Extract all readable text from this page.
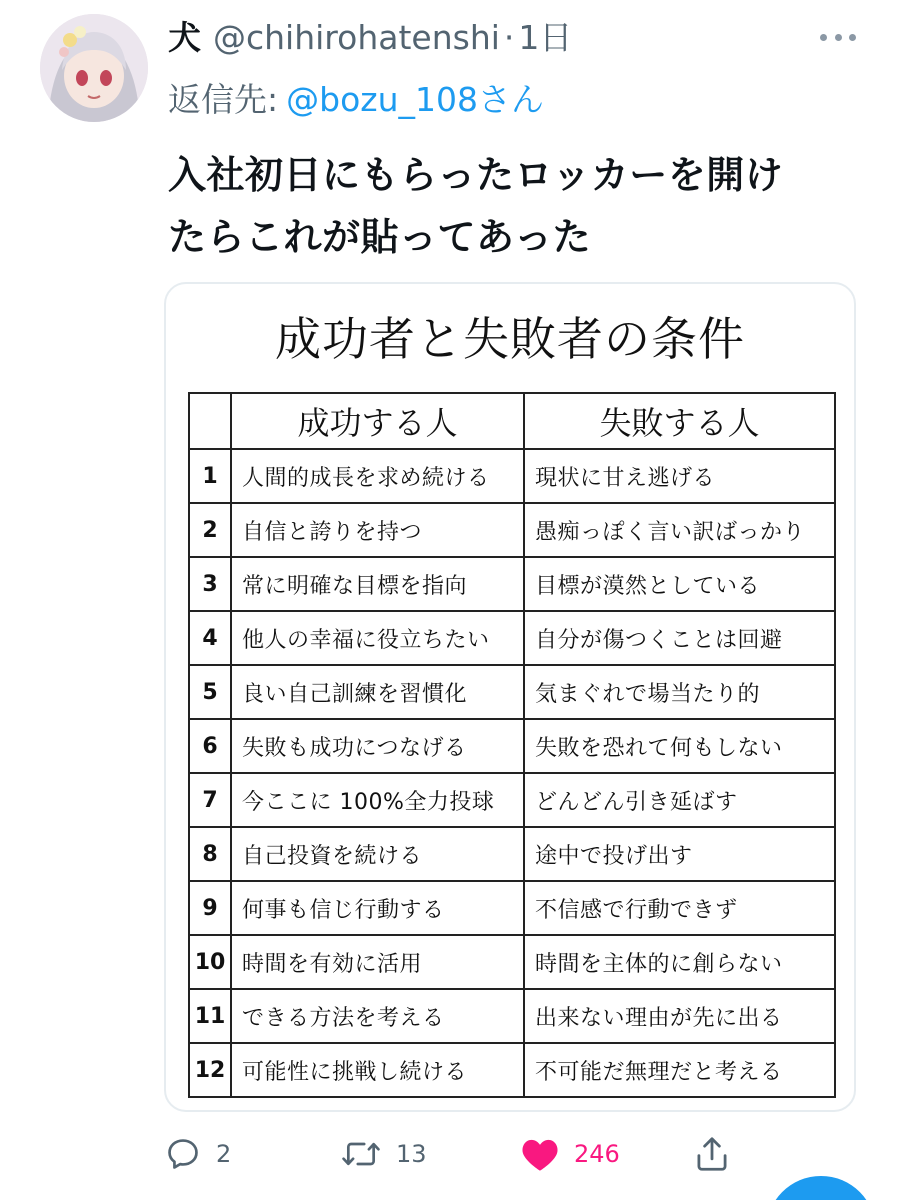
犬 @chihirohatenshi · 1日
返信先: @bozu_108さん
入社初日にもらったロッカーを開け
たらこれが貼ってあった
成功者と失敗者の条件
	成功する人	失敗する人
1	人間的成長を求め続ける	現状に甘え逃げる
2	自信と誇りを持つ	愚痴っぽく言い訳ばっかり
3	常に明確な目標を指向	目標が漠然としている
4	他人の幸福に役立ちたい	自分が傷つくことは回避
5	良い自己訓練を習慣化	気まぐれで場当たり的
6	失敗も成功につなげる	失敗を恐れて何もしない
7	今ここに 100%全力投球	どんどん引き延ばす
8	自己投資を続ける	途中で投げ出す
9	何事も信じ行動する	不信感で行動できず
10	時間を有効に活用	時間を主体的に創らない
11	できる方法を考える	出来ない理由が先に出る
12	可能性に挑戦し続ける	不可能だ無理だと考える
2	13	246
